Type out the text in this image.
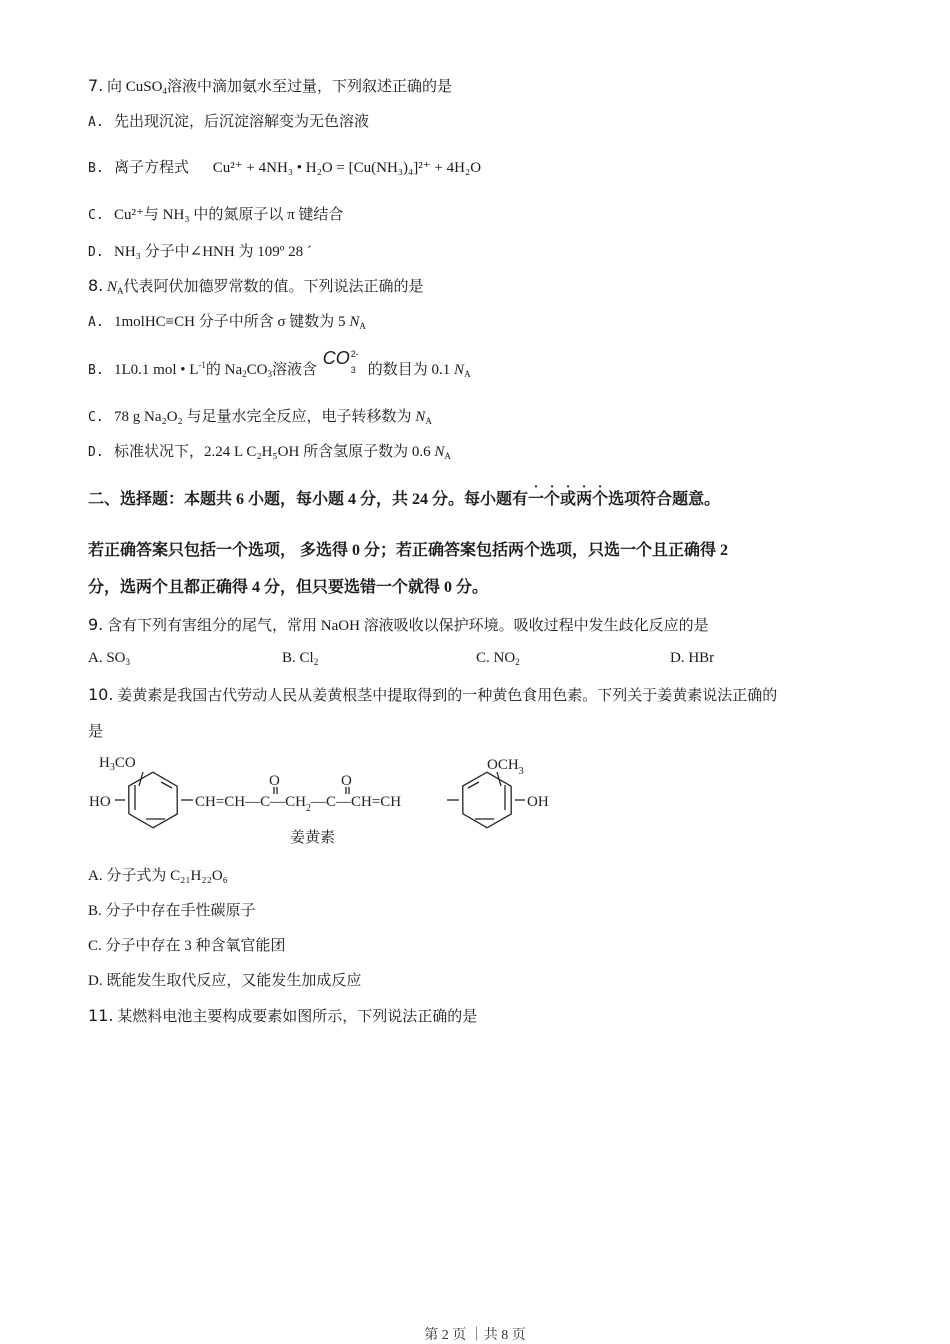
7. 向 CuSO$_4$溶液中滴加氨水至过量，下列叙述正确的是
A. 先出现沉淀，后沉淀溶解变为无色溶液
B. 离子方程式 Cu²⁺ + 4NH₃ • H₂O = [Cu(NH₃)₄]²⁺ + 4H₂O
C. Cu²⁺与 NH₃ 中的氮原子以 π 键结合
D. NH₃ 分子中∠HNH 为 109º 28 ´
8. $N_A$代表阿伏加德罗常数的值。下列说法正确的是
A. 1molHC≡CH 分子中所含 σ 键数为 5 $N_A$
B. 1L0.1 mol • $L^{-1}$的 $Na_2CO_3$溶液含 CO 2-
3 的数目为 0.1 $N_A$
C. 78 g Na₂O₂ 与足量水完全反应，电子转移数为 $N_A$
D. 标准状况下，2.24 L C₂H₅OH 所含氢原子数为 0.6 $N_A$
二、选择题：本题共 6 小题，每小题 4 分，共 24 分。每小题有一个或两个选项符合题意。
若正确答案只包括一个选项， 多选得 0 分；若正确答案包括两个选项，只选一个且正确得 2
分，选两个且都正确得 4 分，但只要选错一个就得 0 分。
9. 含有下列有害组分的尾气，常用 NaOH 溶液吸收以保护环境。吸收过程中发生歧化反应的是
A. $SO_3$	B. $Cl_2$	C. $NO_2$	D. HBr
10. 姜黄素是我国古代劳动人民从姜黄根茎中提取得到的一种黄色食用色素。下列关于姜黄素说法正确的
是
$H_3CO$
HO	$CH=CH—C—CH_2—C—CH=CH$
O	O
$OCH_3$
OH
姜黄素
A. 分子式为 C₂₁H₂₂O₆
B. 分子中存在手性碳原子
C. 分子中存在 3 种含氧官能团
D. 既能发生取代反应，又能发生加成反应
11. 某燃料电池主要构成要素如图所示，下列说法正确的是
第 2 页 ｜共 8 页
